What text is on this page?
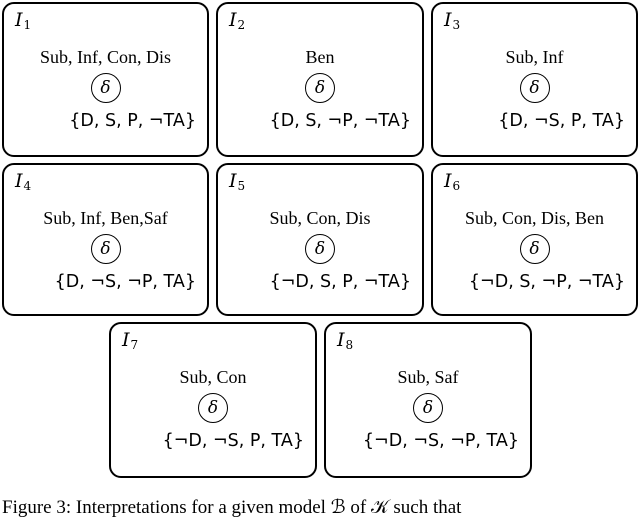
$I_1$
Sub, Inf, Con, Dis
δ
{D, S, P, ¬TA}
$I_2$
Ben
δ
{D, S, ¬P, ¬TA}
$I_3$
Sub, Inf
δ
{D, ¬S, P, TA}
$I_4$
Sub, Inf, Ben,Saf
δ
{D, ¬S, ¬P, TA}
$I_5$
Sub, Con, Dis
δ
{¬D, S, P, ¬TA}
$I_6$
Sub, Con, Dis, Ben
δ
{¬D, S, ¬P, ¬TA}
$I_7$
Sub, Con
δ
{¬D, ¬S, P, TA}
$I_8$
Sub, Saf
δ
{¬D, ¬S, ¬P, TA}
Figure 3: Interpretations for a given model ℬ of 𝒦 such that
